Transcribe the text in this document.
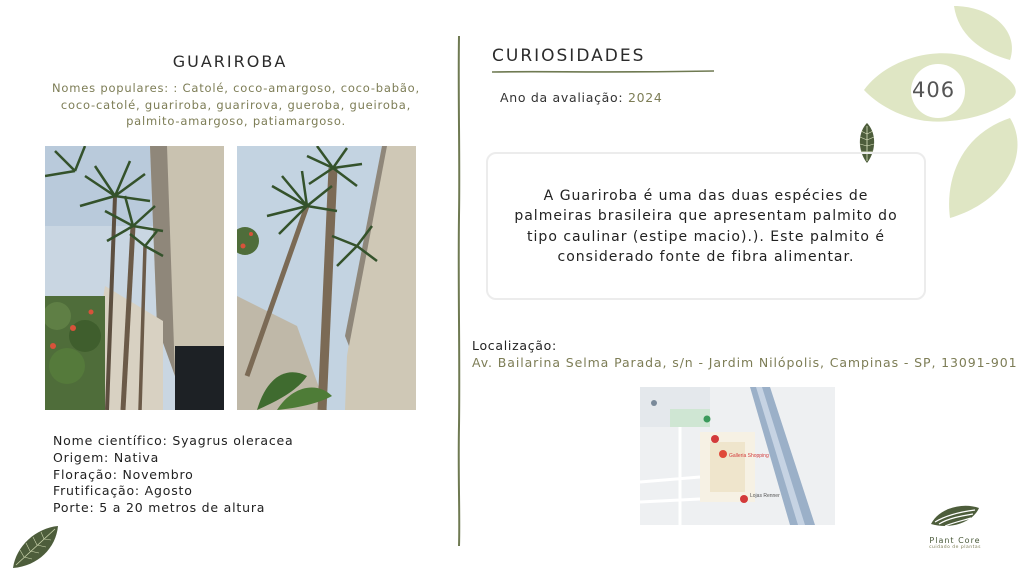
406
GUARIROBA
Nomes populares: : Catolé, coco-amargoso, coco-babão, coco-catolé, guariroba, guarirova, gueroba, gueiroba, palmito-amargoso, patiamargoso.
Nome científico: Syagrus oleracea
Origem: Nativa
Floração: Novembro
Frutificação: Agosto
Porte: 5 a 20 metros de altura
CURIOSIDADES
Ano da avaliação: 2024
A Guariroba é uma das duas espécies de palmeiras brasileira que apresentam palmito do tipo caulinar (estipe macio).). Este palmito é considerado fonte de fibra alimentar.
Localização:
Av. Bailarina Selma Parada, s/n - Jardim Nilópolis, Campinas - SP, 13091-901
Galleria Shopping
Lojas Renner
Plant Core
cuidado de plantas
